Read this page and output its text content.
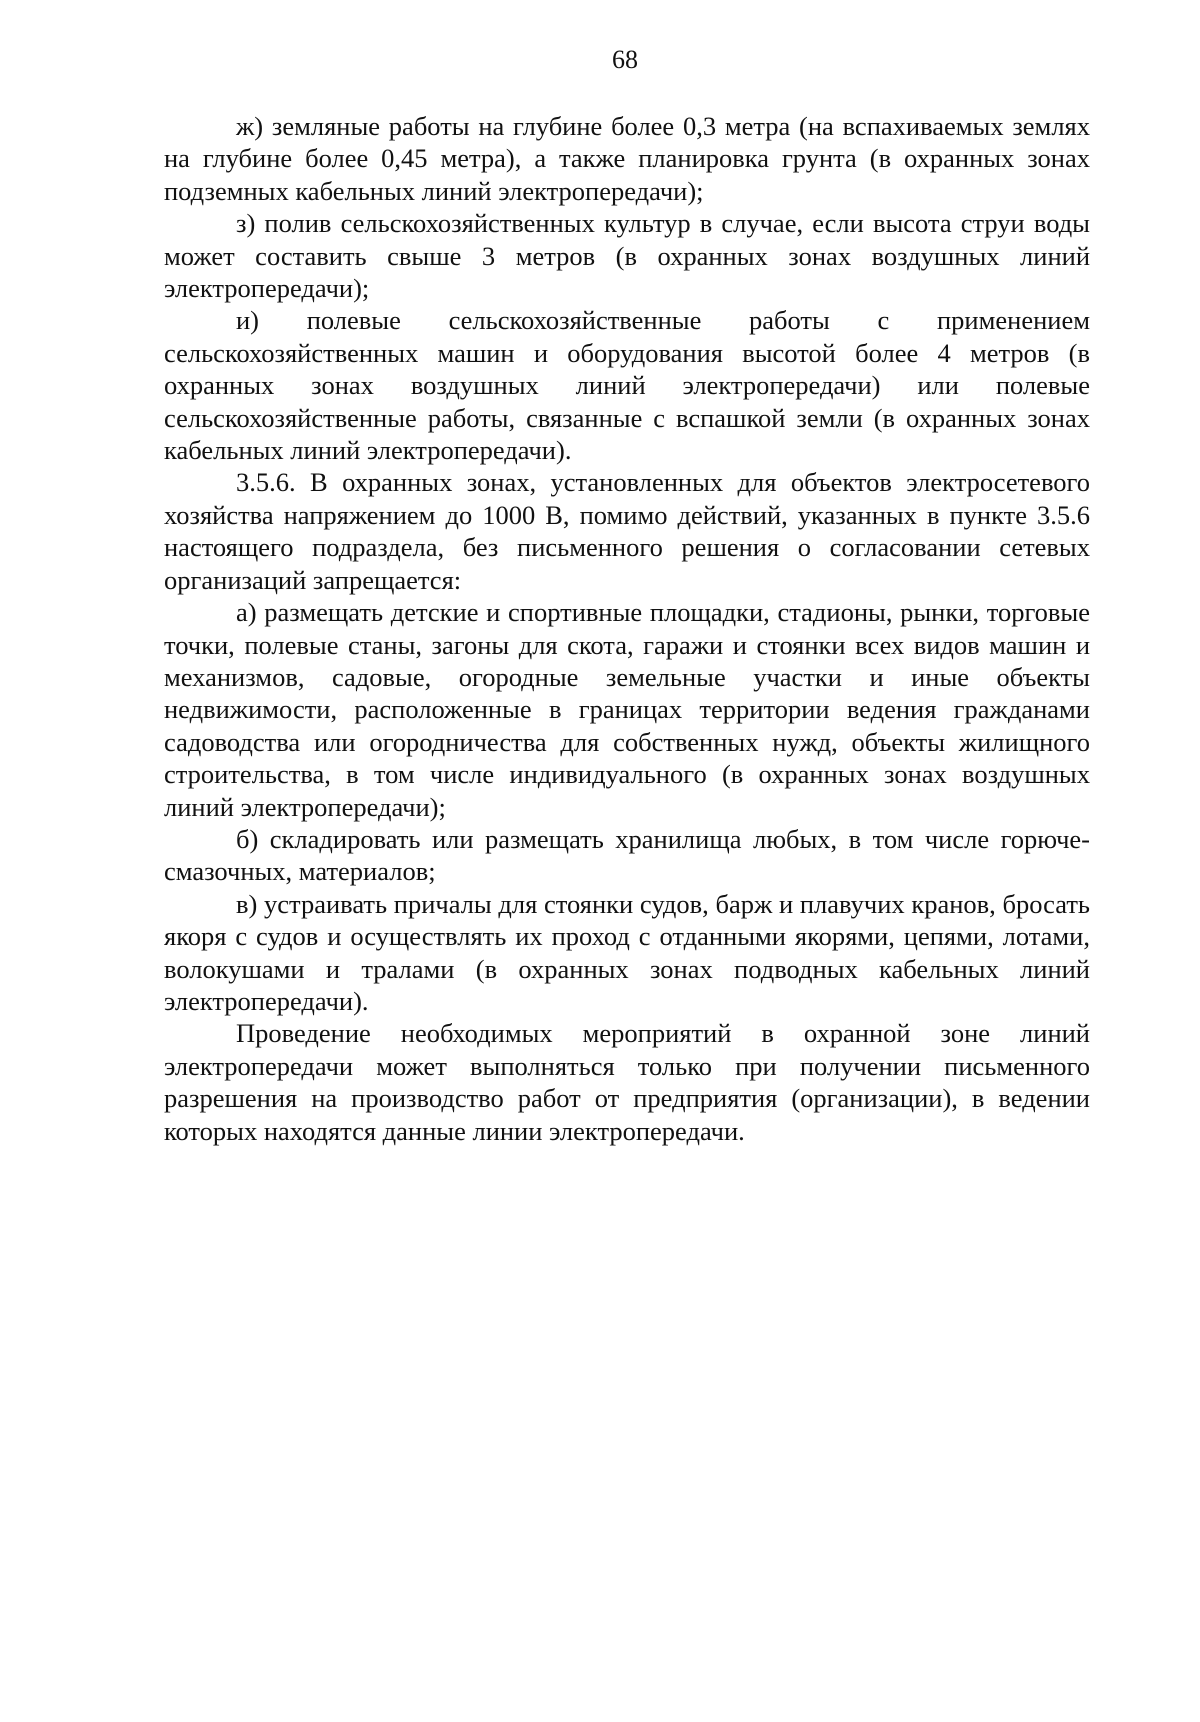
68

ж) земляные работы на глубине более 0,3 метра (на вспахиваемых землях на глубине более 0,45 метра), а также планировка грунта (в охранных зонах подземных кабельных линий электропередачи);

з) полив сельскохозяйственных культур в случае, если высота струи воды может составить свыше 3 метров (в охранных зонах воздушных линий электропередачи);

и) полевые сельскохозяйственные работы с применением сельскохозяйственных машин и оборудования высотой более 4 метров (в охранных зонах воздушных линий электропередачи) или полевые сельскохозяйственные работы, связанные с вспашкой земли (в охранных зонах кабельных линий электропередачи).

3.5.6. В охранных зонах, установленных для объектов электросетевого хозяйства напряжением до 1000 В, помимо действий, указанных в пункте 3.5.6 настоящего подраздела, без письменного решения о согласовании сетевых организаций запрещается:

а) размещать детские и спортивные площадки, стадионы, рынки, торговые точки, полевые станы, загоны для скота, гаражи и стоянки всех видов машин и механизмов, садовые, огородные земельные участки и иные объекты недвижимости, расположенные в границах территории ведения гражданами садоводства или огородничества для собственных нужд, объекты жилищного строительства, в том числе индивидуального (в охранных зонах воздушных линий электропередачи);

б) складировать или размещать хранилища любых, в том числе горюче-смазочных, материалов;

в) устраивать причалы для стоянки судов, барж и плавучих кранов, бросать якоря с судов и осуществлять их проход с отданными якорями, цепями, лотами, волокушами и тралами (в охранных зонах подводных кабельных линий электропередачи).

Проведение необходимых мероприятий в охранной зоне линий электропередачи может выполняться только при получении письменного разрешения на производство работ от предприятия (организации), в ведении которых находятся данные линии электропередачи.
